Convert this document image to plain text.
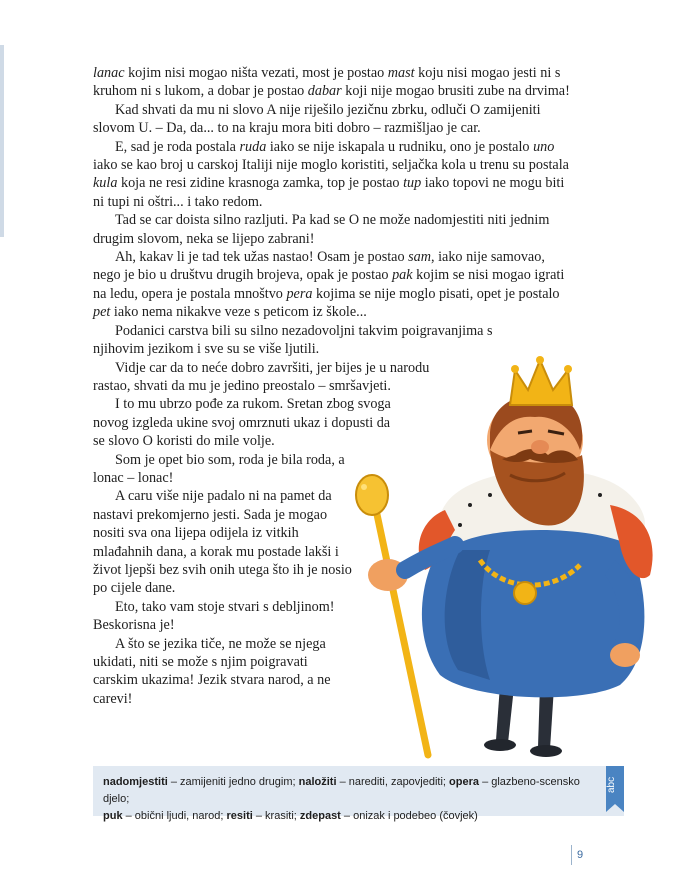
lanac kojim nisi mogao ništa vezati, most je postao mast koju nisi mogao jesti ni s kruhom ni s lukom, a dobar je postao dabar koji nije mogao brusiti zube na drvima!

Kad shvati da mu ni slovo A nije riješilo jezičnu zbrku, odluči O zamijeniti slovom U. – Da, da... to na kraju mora biti dobro – razmišljao je car.

E, sad je roda postala ruda iako se nije iskapala u rudniku, ono je postalo uno iako se kao broj u carskoj Italiji nije moglo koristiti, seljačka kola u trenu su postala kula koja ne resi zidine krasnoga zamka, top je postao tup iako topovi ne mogu biti ni tupi ni oštri... i tako redom.

Tad se car doista silno razljuti. Pa kad se O ne može nadomjestiti niti jednim drugim slovom, neka se lijepo zabrani!

Ah, kakav li je tad tek užas nastao! Osam je postao sam, iako nije samovao, nego je bio u društvu drugih brojeva, opak je postao pak kojim se nisi mogao igrati na ledu, opera je postala mnoštvo pera kojima se nije moglo pisati, opet je postalo pet iako nema nikakve veze s peticom iz škole...

Podanici carstva bili su silno nezadovoljni takvim poigravanjima s njihovim jezikom i sve su se više ljutili.

Vidje car da to neće dobro završiti, jer bijes je u narodu rastao, shvati da mu je jedino preostalo – smršavjeti.

I to mu ubrzo pođe za rukom. Sretan zbog svoga novog izgleda ukine svoj omrznuti ukaz i dopusti da se slovo O koristi do mile volje.

Som je opet bio som, roda je bila roda, a lonac – lonac!

A caru više nije padalo ni na pamet da nastavi prekomjerno jesti. Sada je mogao nositi sva ona lijepa odijela iz vitkih mlađahnih dana, a korak mu postade lakši i život ljepši bez svih onih utega što ih je nosio po cijele dane.

Eto, tako vam stoje stvari s debljinom! Beskorisna je!

A što se jezika tiče, ne može se njega ukidati, niti se može s njim poigravati carskim ukazima! Jezik stvara narod, a ne carevi!

nadomjestiti – zamijeniti jedno drugim; naložiti – narediti, zapovjediti; opera – glazbeno-scensko djelo;
puk – obični ljudi, narod; resiti – krasiti; zdepast – onizak i podebeo (čovjek)
abc
9
